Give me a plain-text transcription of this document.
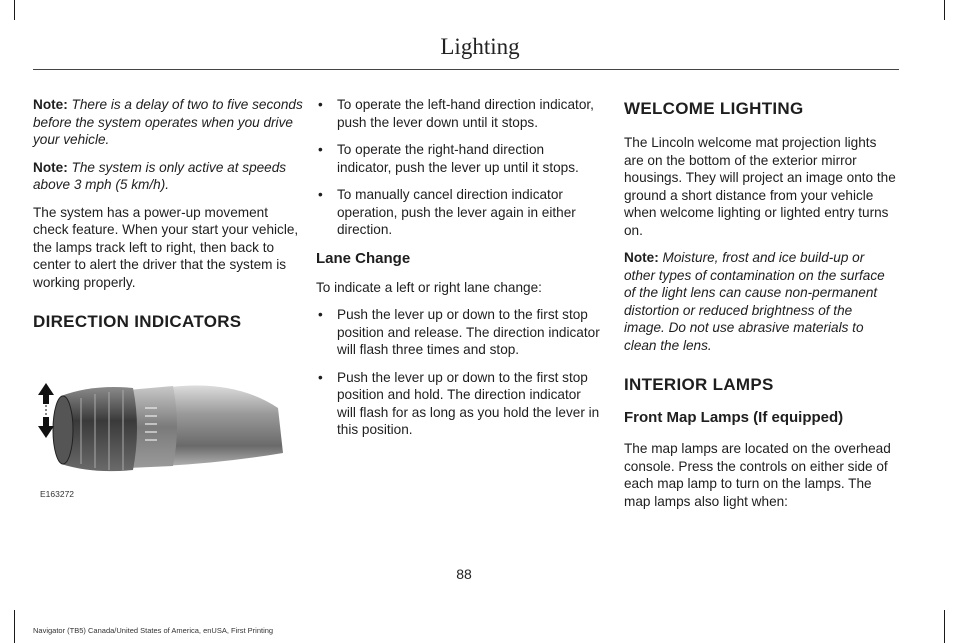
Lighting

Note: There is a delay of two to five seconds before the system operates when you drive your vehicle.

Note: The system is only active at speeds above 3 mph (5 km/h).

The system has a power-up movement check feature. When your start your vehicle, the lamps track left to right, then back to center to alert the driver that the system is working properly.

DIRECTION INDICATORS

E163272
• To operate the left-hand direction indicator, push the lever down until it stops.
• To operate the right-hand direction indicator, push the lever up until it stops.
• To manually cancel direction indicator operation, push the lever again in either direction.

Lane Change

To indicate a left or right lane change:

• Push the lever up or down to the first stop position and release. The direction indicator will flash three times and stop.
• Push the lever up or down to the first stop position and hold. The direction indicator will flash for as long as you hold the lever in this position.

WELCOME LIGHTING

The Lincoln welcome mat projection lights are on the bottom of the exterior mirror housings. They will project an image onto the ground a short distance from your vehicle when welcome lighting or lighted entry turns on.

Note: Moisture, frost and ice build-up or other types of contamination on the surface of the light lens can cause non-permanent distortion or reduced brightness of the image. Do not use abrasive materials to clean the lens.

INTERIOR LAMPS

Front Map Lamps (If equipped)

The map lamps are located on the overhead console. Press the controls on either side of each map lamp to turn on the lamps. The map lamps also light when:

88
Navigator (TB5) Canada/United States of America, enUSA, First Printing
